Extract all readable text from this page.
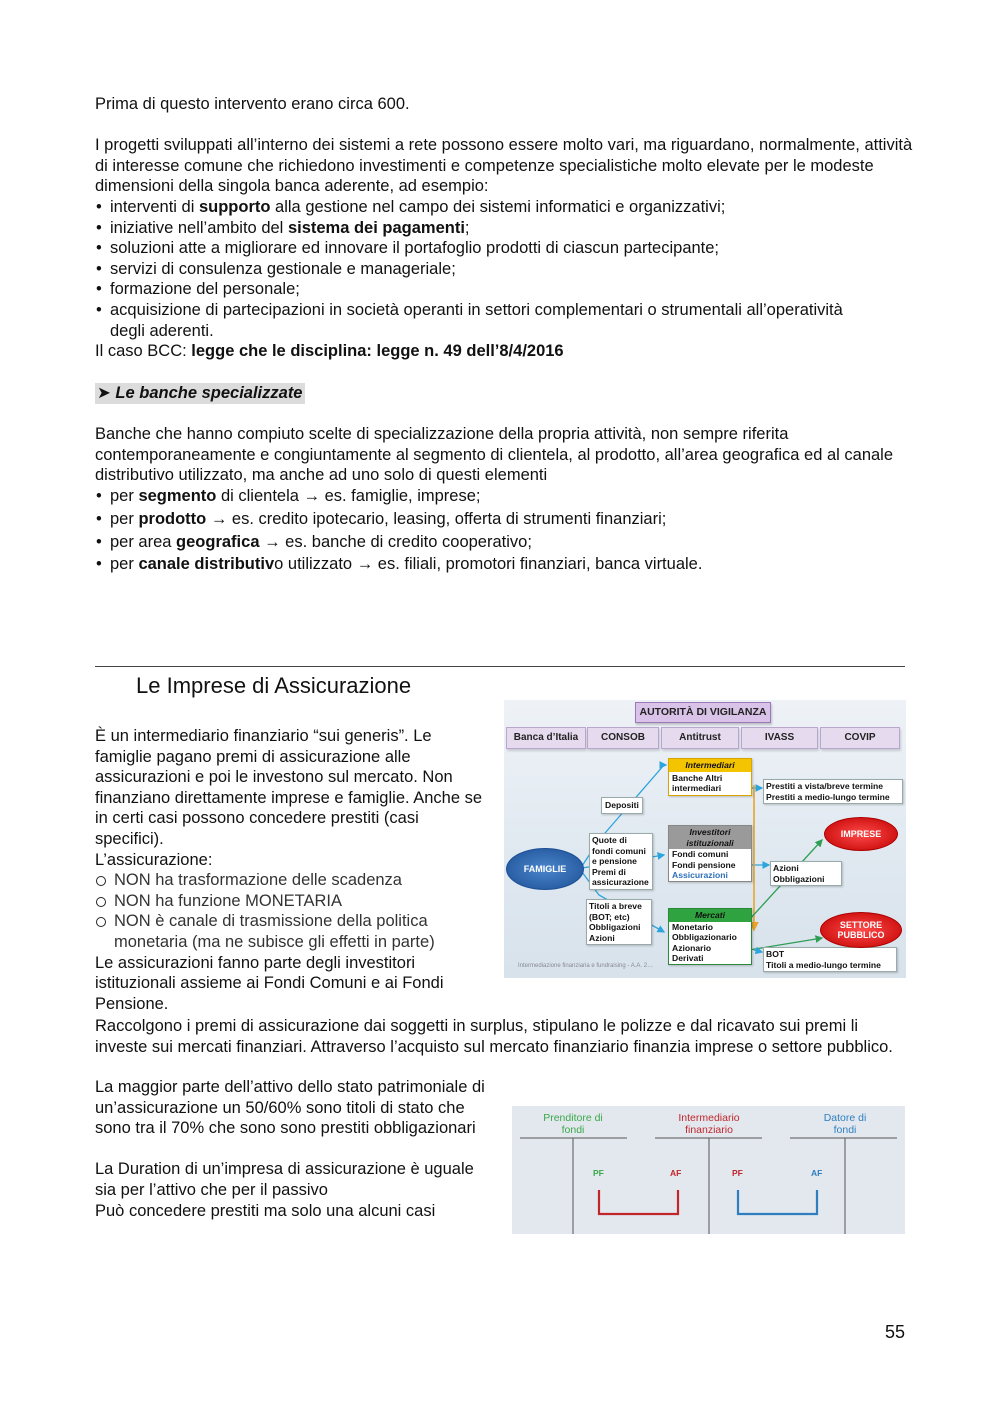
Prima di questo intervento erano circa 600.

I progetti sviluppati all’interno dei sistemi a rete possono essere molto vari, ma riguardano, normalmente, attività di interesse comune che richiedono investimenti e competenze specialistiche molto elevate per le modeste dimensioni della singola banca aderente, ad esempio:

• interventi di supporto alla gestione nel campo dei sistemi informatici e organizzativi;
• iniziative nell’ambito del sistema dei pagamenti;
• soluzioni atte a migliorare ed innovare il portafoglio prodotti di ciascun partecipante;
• servizi di consulenza gestionale e manageriale;
• formazione del personale;
• acquisizione di partecipazioni in società operanti in settori complementari o strumentali all’operatività degli aderenti.

Il caso BCC: legge che le disciplina: legge n. 49 dell’8/4/2016

➤ Le banche specializzate

Banche che hanno compiuto scelte di specializzazione della propria attività, non sempre riferita contemporaneamente e congiuntamente al segmento di clientela, al prodotto, all’area geografica ed al canale distributivo utilizzato, ma anche ad uno solo di questi elementi

• per segmento di clientela → es. famiglie, imprese;
• per prodotto → es. credito ipotecario, leasing, offerta di strumenti finanziari;
• per area geografica → es. banche di credito cooperativo;
• per canale distributivo utilizzato → es. filiali, promotori finanziari, banca virtuale.
Le Imprese di Assicurazione

È un intermediario finanziario “sui generis”. Le famiglie pagano premi di assicurazione alle assicurazioni e poi le investono sul mercato. Non finanziano direttamente imprese e famiglie. Anche se in certi casi possono concedere prestiti (casi specifici).

L’assicurazione:

NON ha trasformazione delle scadenza
NON ha funzione MONETARIA
NON è canale di trasmissione della politica monetaria (ma ne subisce gli effetti in parte)

Le assicurazioni fanno parte degli investitori istituzionali assieme ai Fondi Comuni e ai Fondi Pensione.

Raccolgono i premi di assicurazione dai soggetti in surplus, stipulano le polizze e dal ricavato sui premi li investe sui mercati finanziari. Attraverso l’acquisto sul mercato finanziario finanzia imprese o settore pubblico.

La maggior parte dell’attivo dello stato patrimoniale di un’assicurazione un 50/60% sono titoli di stato che sono tra il 70% che sono sono prestiti obbligazionari

La Duration di un’impresa di assicurazione è uguale sia per l’attivo che per il passivo

Può concedere prestiti ma solo una alcuni casi

AUTORITÀ DI VIGILANZA
Banca d’Italia	CONSOB	Antitrust	IVASS	COVIP
FAMIGLIE
Depositi
Quote di fondi comuni e pensione Premi di assicurazione
Titoli a breve (BOT; etc)
Obbligazioni
Azioni
Intermediari
Banche Altri intermediari
Investitori istituzionali
Fondi comuni
Fondi pensione
Assicurazioni
Mercati
Monetario
Obbligazionario
Azionario
Derivati
Prestiti a vista/breve termine
Prestiti a medio-lungo termine
Azioni
Obbligazioni
BOT
Titoli a medio-lungo termine
IMPRESE
SETTORE PUBBLICO
Intermediazione finanziaria e fundraising - A.A. 2…
Prenditore di fondi
Intermediario finanziario
Datore di fondi
PF	AF	PF	AF
55
